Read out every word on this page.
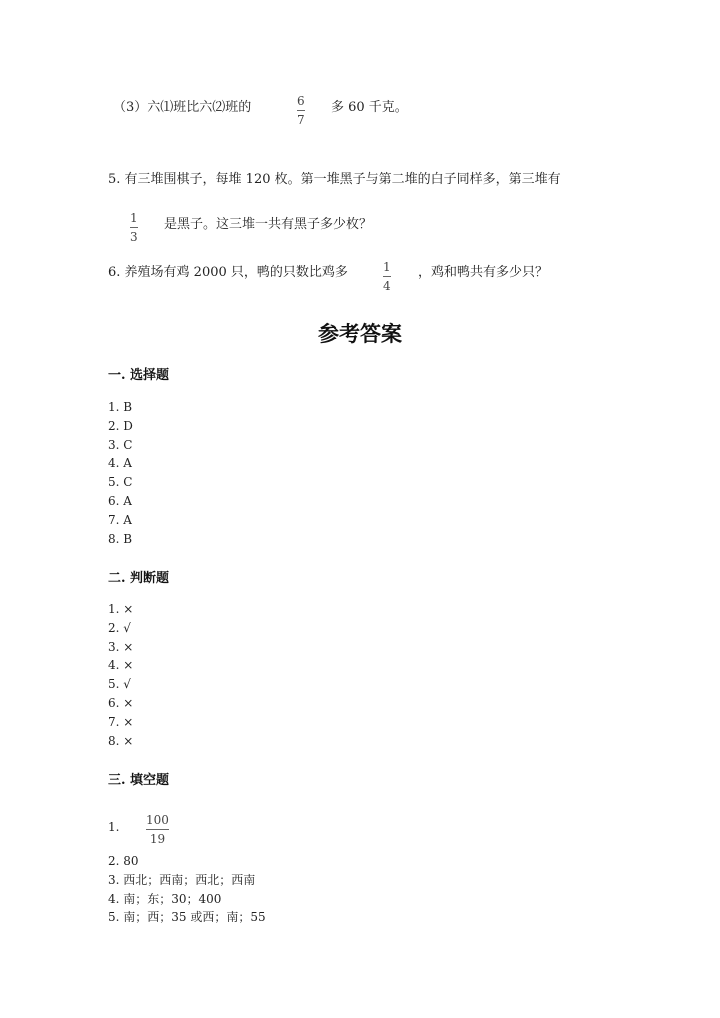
（3）六⑴班比六⑵班的	6
7
多 60 千克。
5. 有三堆围棋子，每堆 120 枚。第一堆黑子与第二堆的白子同样多，第三堆有
1
3
是黑子。这三堆一共有黑子多少枚？
6. 养殖场有鸡 2000 只，鸭的只数比鸡多	1
4
，鸡和鸭共有多少只？
参考答案
一. 选择题
1. B
2. D
3. C
4. A
5. C
6. A
7. A
8. B
二. 判断题
1. ×
2. √
3. ×
4. ×
5. √
6. ×
7. ×
8. ×
三. 填空题
1. 100
19
2. 80
3. 西北；西南；西北；西南
4. 南；东；30；400
5. 南；西；35 或西；南；55
